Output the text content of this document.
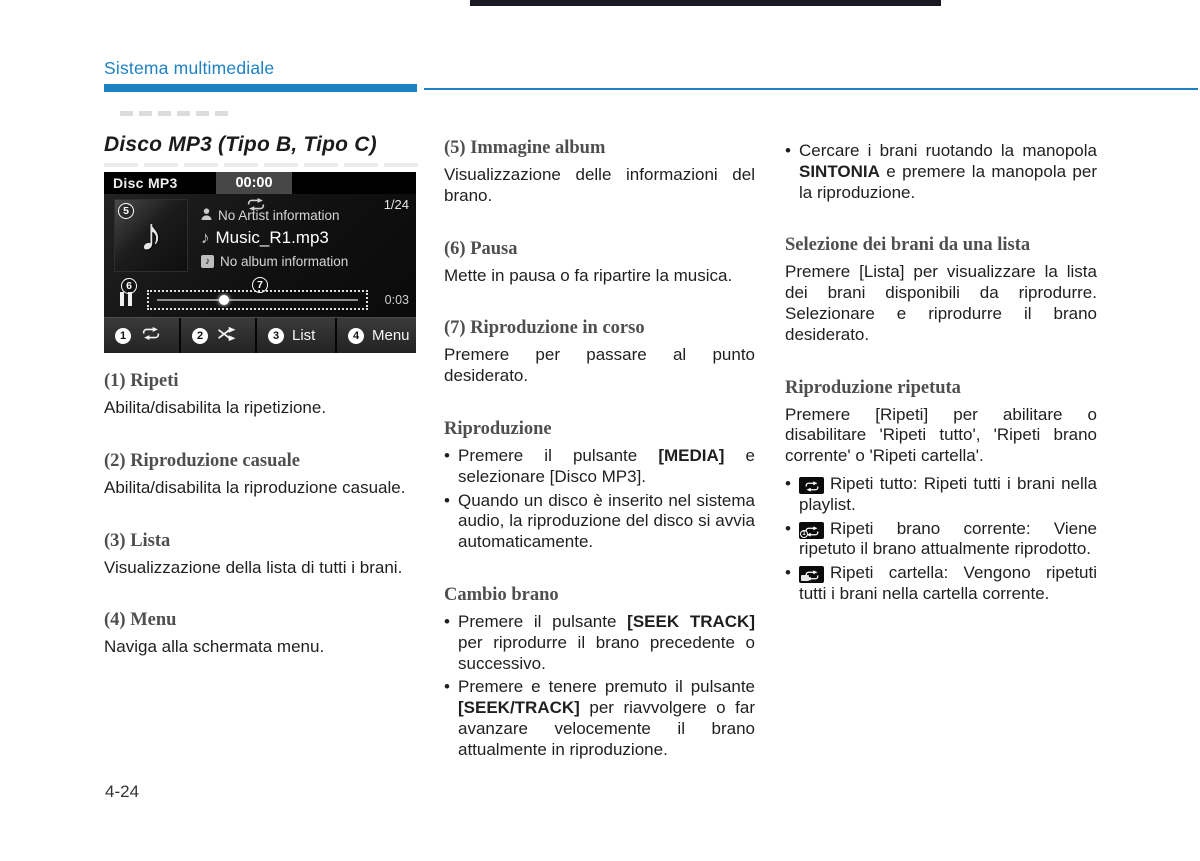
Sistema multimediale
Disco MP3 (Tipo B, Tipo C)
Disc MP3	00:00
1/24
♪
5	No Artist information
♪ Music_R1.mp3
♪ No album information
6	7
0:03
1	2	3 List	4 Menu
(1) Ripeti
Abilita/disabilita la ripetizione.
(2) Riproduzione casuale
Abilita/disabilita la riproduzione casuale.
(3) Lista
Visualizzazione della lista di tutti i brani.
(4) Menu
Naviga alla schermata menu.
(5) Immagine album
Visualizzazione delle informazioni del brano.
(6) Pausa
Mette in pausa o fa ripartire la musica.
(7) Riproduzione in corso
Premere per passare al punto desiderato.
Riproduzione
• Premere il pulsante [MEDIA] e selezionare [Disco MP3].
• Quando un disco è inserito nel sistema audio, la riproduzione del disco si avvia automaticamente.
Cambio brano
• Premere il pulsante [SEEK TRACK] per riprodurre il brano precedente o successivo.
• Premere e tenere premuto il pulsante [SEEK/TRACK] per riavvolgere o far avanzare velocemente il brano attualmente in riproduzione.
• Cercare i brani ruotando la manopola SINTONIA e premere la manopola per la riproduzione.
Selezione dei brani da una lista
Premere [Lista] per visualizzare la lista dei brani disponibili da riprodurre. Selezionare e riprodurre il brano desiderato.
Riproduzione ripetuta
Premere [Ripeti] per abilitare o disabilitare 'Ripeti tutto', 'Ripeti brano corrente' o 'Ripeti cartella'.
• Ripeti tutto: Ripeti tutti i brani nella playlist.
• 1 Ripeti brano corrente: Viene ripetuto il brano attualmente riprodotto.
• Ripeti cartella: Vengono ripetuti tutti i brani nella cartella corrente.
4-24
